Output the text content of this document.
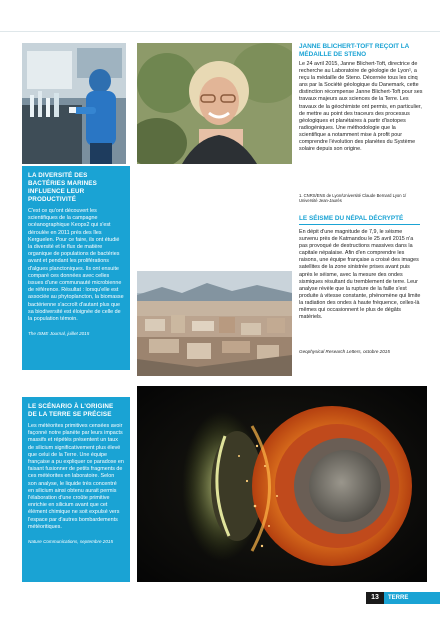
JANNE BLICHERT-TOFT REÇOIT LA MÉDAILLE DE STENO
Le 24 avril 2015, Janne Blichert-Toft, directrice de recherche au Laboratoire de géologie de Lyon¹, a reçu la médaille de Steno. Décernée tous les cinq ans par la Société géologique du Danemark, cette distinction récompense Janne Blichert-Toft pour ses travaux majeurs aux sciences de la Terre. Les travaux de la géochimiste ont permis, en particulier, de mettre au point des traceurs des processus géologiques et planétaires à partir d'isotopes radiogéniques. Une méthodologie que la scientifique a notamment mise à profit pour comprendre l'évolution des planètes du Système solaire depuis son origine.
1. CNRS/ENS de Lyon/Université Claude Bernard Lyon 1/ Université Jean-Jaurès
LA DIVERSITÉ DES BACTÉRIES MARINES INFLUENCE LEUR PRODUCTIVITÉ
C'est ce qu'ont découvert les scientifiques de la campagne océanographique Keops2 qui s'est déroulée en 2011 près des îles Kerguelen. Pour ce faire, ils ont étudié la diversité et le flux de matière organique de populations de bactéries avant et pendant les proliférations d'algues planctoniques. Ils ont ensuite comparé ces données avec celles issues d'une communauté microbienne de référence. Résultat : lorsqu'elle est associée au phytoplancton, la biomasse bactérienne s'accroît d'autant plus que sa biodiversité est éloignée de celle de la population témoin.
The ISME Journal, juillet 2015
LE SÉISME DU NÉPAL DÉCRYPTÉ
En dépit d'une magnitude de 7,9, le séisme survenu près de Katmandou le 25 avril 2015 n'a pas provoqué de destructions massives dans la capitale népalaise. Afin d'en comprendre les raisons, une équipe française a croisé des images satellites de la zone sinistrée prises avant puis après le séisme, avec la mesure des ondes sismiques résultant du tremblement de terre. Leur analyse révèle que la rupture de la faille s'est produite à vitesse constante, phénomène qui limite la radiation des ondes à haute fréquence, celles-là mêmes qui occasionnent le plus de dégâts matériels.
Geophysical Research Letters, octobre 2015
LE SCÉNARIO À L'ORIGINE DE LA TERRE SE PRÉCISE
Les météorites primitives censées avoir façonné notre planète par leurs impacts massifs et répétés présentent un taux de silicium significativement plus élevé que celui de la Terre. Une équipe française a pu expliquer ce paradoxe en faisant fusionner de petits fragments de ces météorites en laboratoire. Selon son analyse, le liquide très concentré en silicium ainsi obtenu aurait permis l'élaboration d'une croûte primitive enrichie en silicium avant que cet élément chimique ne soit expulsé vers l'espace par d'autres bombardements météoritiques.
Nature Communications, septembre 2015
13	TERRE
